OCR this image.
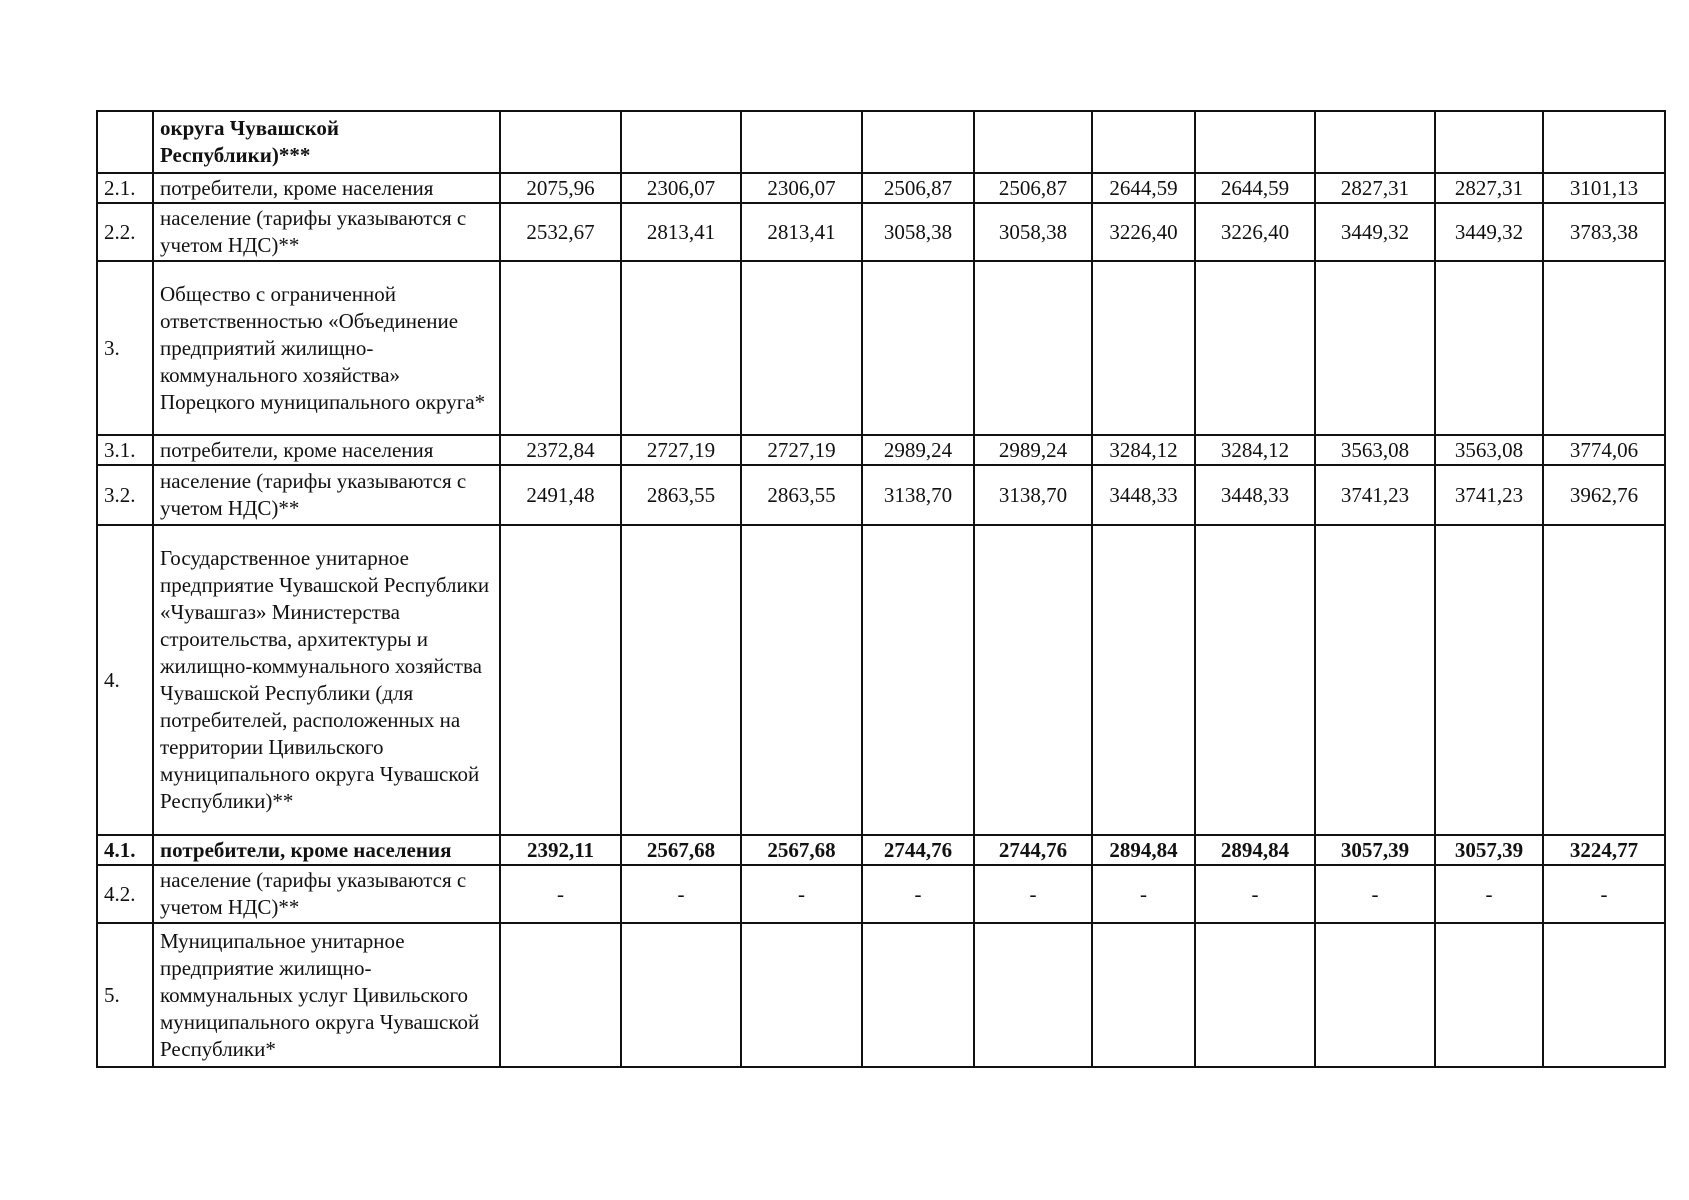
	округа Чувашской Республики)***										
2.1.	потребители, кроме населения	2075,96	2306,07	2306,07	2506,87	2506,87	2644,59	2644,59	2827,31	2827,31	3101,13
2.2.	население (тарифы указываются с учетом НДС)**	2532,67	2813,41	2813,41	3058,38	3058,38	3226,40	3226,40	3449,32	3449,32	3783,38
3.	Общество с ограниченной ответственностью «Объединение предприятий жилищно-коммунального хозяйства» Порецкого муниципального округа*										
3.1.	потребители, кроме населения	2372,84	2727,19	2727,19	2989,24	2989,24	3284,12	3284,12	3563,08	3563,08	3774,06
3.2.	население (тарифы указываются с учетом НДС)**	2491,48	2863,55	2863,55	3138,70	3138,70	3448,33	3448,33	3741,23	3741,23	3962,76
4.	Государственное унитарное предприятие Чувашской Республики «Чувашгаз» Министерства строительства, архитектуры и жилищно-коммунального хозяйства Чувашской Республики (для потребителей, расположенных на территории Цивильского муниципального округа Чувашской Республики)**										
4.1.	потребители, кроме населения	2392,11	2567,68	2567,68	2744,76	2744,76	2894,84	2894,84	3057,39	3057,39	3224,77
4.2.	население (тарифы указываются с учетом НДС)**	-	-	-	-	-	-	-	-	-	-
5.	Муниципальное унитарное предприятие жилищно-коммунальных услуг Цивильского муниципального округа Чувашской Республики*										
